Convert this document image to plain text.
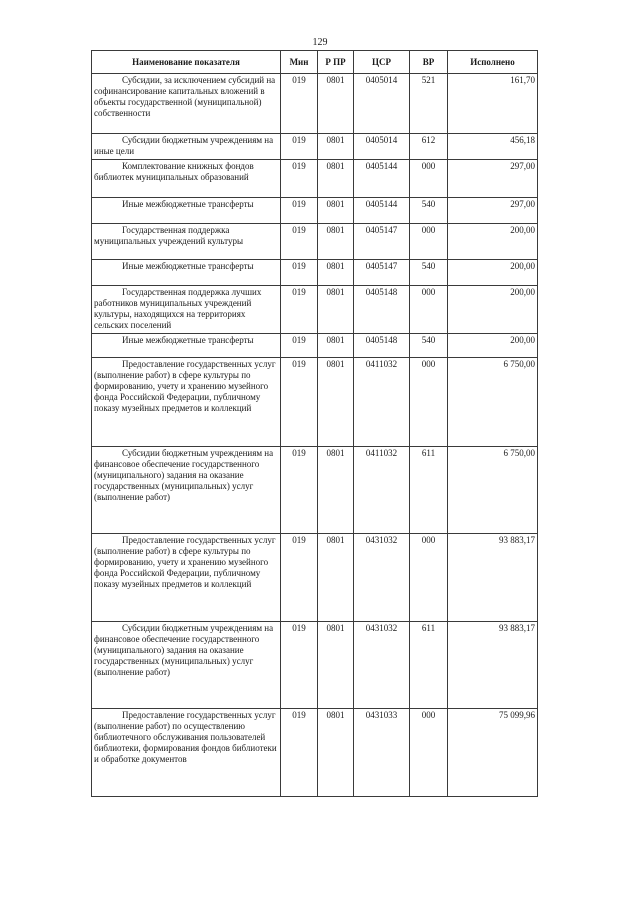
129
Наименование показателя	Мин	Р ПР	ЦСР	ВР	Исполнено
Субсидии, за исключением субсидий на софинансирование капитальных вложений в объекты государственной (муниципальной) собственности	019	0801	0405014	521	161,70
Субсидии бюджетным учреждениям на иные цели	019	0801	0405014	612	456,18
Комплектование книжных фондов библиотек муниципальных образований	019	0801	0405144	000	297,00
Иные межбюджетные трансферты	019	0801	0405144	540	297,00
Государственная поддержка муниципальных учреждений культуры	019	0801	0405147	000	200,00
Иные межбюджетные трансферты	019	0801	0405147	540	200,00
Государственная поддержка лучших работников муниципальных учреждений культуры, находящихся на территориях сельских поселений	019	0801	0405148	000	200,00
Иные межбюджетные трансферты	019	0801	0405148	540	200,00
Предоставление государственных услуг (выполнение работ) в сфере культуры по формированию, учету и хранению музейного фонда Российской Федерации, публичному показу музейных предметов и коллекций	019	0801	0411032	000	6 750,00
Субсидии бюджетным учреждениям на финансовое обеспечение государственного (муниципального) задания на оказание государственных (муниципальных) услуг (выполнение работ)	019	0801	0411032	611	6 750,00
Предоставление государственных услуг (выполнение работ) в сфере культуры по формированию, учету и хранению музейного фонда Российской Федерации, публичному показу музейных предметов и коллекций	019	0801	0431032	000	93 883,17
Субсидии бюджетным учреждениям на финансовое обеспечение государственного (муниципального) задания на оказание государственных (муниципальных) услуг (выполнение работ)	019	0801	0431032	611	93 883,17
Предоставление государственных услуг (выполнение работ) по осуществлению библиотечного обслуживания пользователей библиотеки, формирования фондов библиотеки и обработке документов	019	0801	0431033	000	75 099,96
